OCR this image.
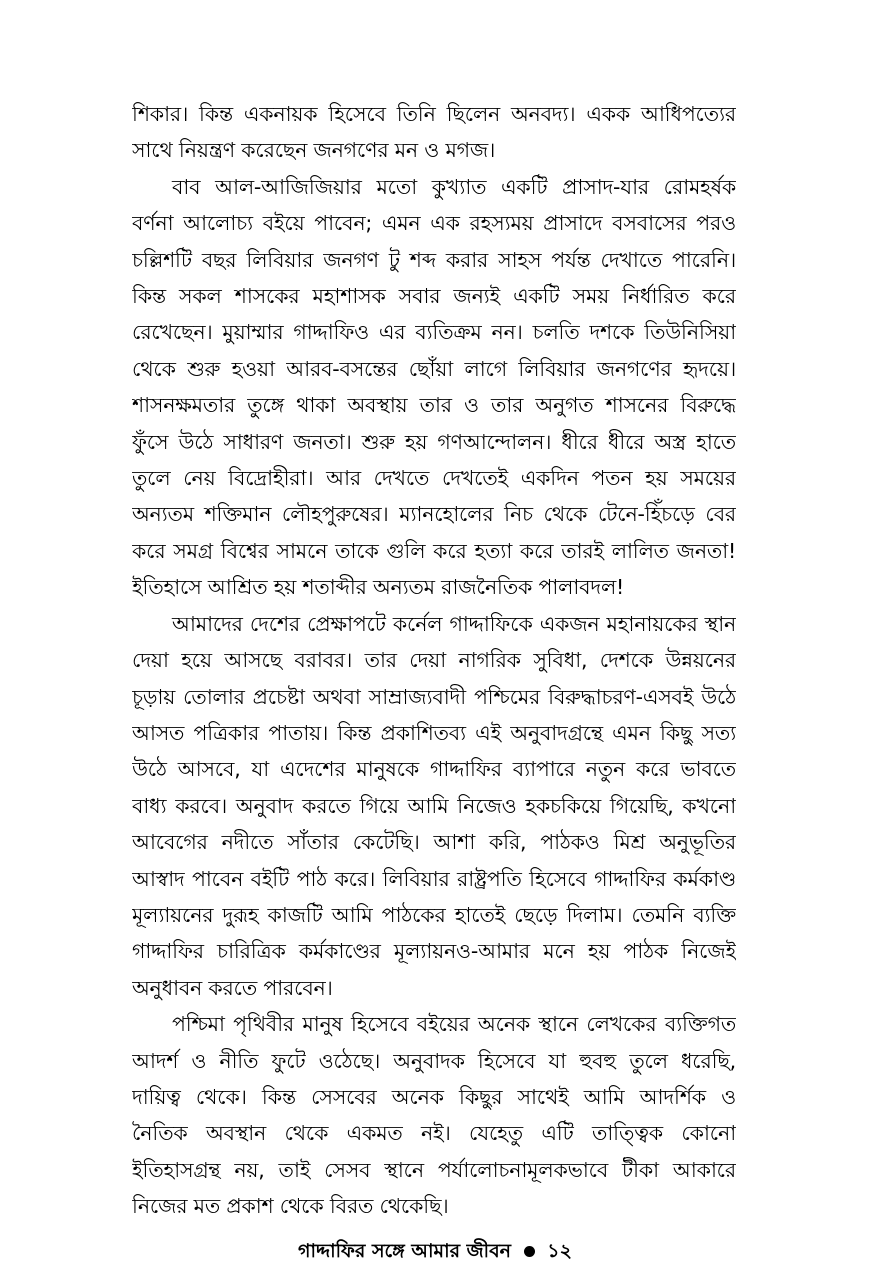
শিকার। কিন্ত একনায়ক হিসেবে তিনি ছিলেন অনবদ্য। একক আধিপত্যের
সাথে নিয়ন্ত্রণ করেছেন জনগণের মন ও মগজ।

বাব আল-আজিজিয়ার মতো কুখ্যাত একটি প্রাসাদ-যার রোমহর্ষক
বর্ণনা আলোচ্য বইয়ে পাবেন; এমন এক রহস্যময় প্রাসাদে বসবাসের পরও
চল্লিশটি বছর লিবিয়ার জনগণ টু শব্দ করার সাহস পর্যন্ত দেখাতে পারেনি।
কিন্ত সকল শাসকের মহাশাসক সবার জন্যই একটি সময় নির্ধারিত করে
রেখেছেন। মুয়াম্মার গাদ্দাফিও এর ব্যতিক্রম নন। চলতি দশকে তিউনিসিয়া
থেকে শুরু হওয়া আরব-বসন্তের ছোঁয়া লাগে লিবিয়ার জনগণের হৃদয়ে।
শাসনক্ষমতার তুঙ্গে থাকা অবস্থায় তার ও তার অনুগত শাসনের বিরুদ্ধে
ফুঁসে উঠে সাধারণ জনতা। শুরু হয় গণআন্দোলন। ধীরে ধীরে অস্ত্র হাতে
তুলে নেয় বিদ্রোহীরা। আর দেখতে দেখতেই একদিন পতন হয় সময়ের
অন্যতম শক্তিমান লৌহপুরুষের। ম্যানহোলের নিচ থেকে টেনে-হিঁচড়ে বের
করে সমগ্র বিশ্বের সামনে তাকে গুলি করে হত্যা করে তারই লালিত জনতা!
ইতিহাসে আশ্রিত হয় শতাব্দীর অন্যতম রাজনৈতিক পালাবদল!

আমাদের দেশের প্রেক্ষাপটে কর্নেল গাদ্দাফিকে একজন মহানায়কের স্থান
দেয়া হয়ে আসছে বরাবর। তার দেয়া নাগরিক সুবিধা, দেশকে উন্নয়নের
চূড়ায় তোলার প্রচেষ্টা অথবা সাম্রাজ্যবাদী পশ্চিমের বিরুদ্ধাচরণ-এসবই উঠে
আসত পত্রিকার পাতায়। কিন্ত প্রকাশিতব্য এই অনুবাদগ্রন্থে এমন কিছু সত্য
উঠে আসবে, যা এদেশের মানুষকে গাদ্দাফির ব্যাপারে নতুন করে ভাবতে
বাধ্য করবে। অনুবাদ করতে গিয়ে আমি নিজেও হকচকিয়ে গিয়েছি, কখনো
আবেগের নদীতে সাঁতার কেটেছি। আশা করি, পাঠকও মিশ্র অনুভূতির
আস্বাদ পাবেন বইটি পাঠ করে। লিবিয়ার রাষ্ট্রপতি হিসেবে গাদ্দাফির কর্মকাণ্ড
মূল্যায়নের দুরূহ কাজটি আমি পাঠকের হাতেই ছেড়ে দিলাম। তেমনি ব্যক্তি
গাদ্দাফির চারিত্রিক কর্মকাণ্ডের মূল্যায়নও-আমার মনে হয় পাঠক নিজেই
অনুধাবন করতে পারবেন।

পশ্চিমা পৃথিবীর মানুষ হিসেবে বইয়ের অনেক স্থানে লেখকের ব্যক্তিগত
আদর্শ ও নীতি ফুটে ওঠেছে। অনুবাদক হিসেবে যা হুবহু তুলে ধরেছি,
দায়িত্ব থেকে। কিন্ত সেসবের অনেক কিছুর সাথেই আমি আদর্শিক ও
নৈতিক অবস্থান থেকে একমত নই। যেহেতু এটি তাত্ত্বিক কোনো
ইতিহাসগ্রন্থ নয়, তাই সেসব স্থানে পর্যালোচনামূলকভাবে টীকা আকারে
নিজের মত প্রকাশ থেকে বিরত থেকেছি।

গাদ্দাফির সঙ্গে আমার জীবন ১২
